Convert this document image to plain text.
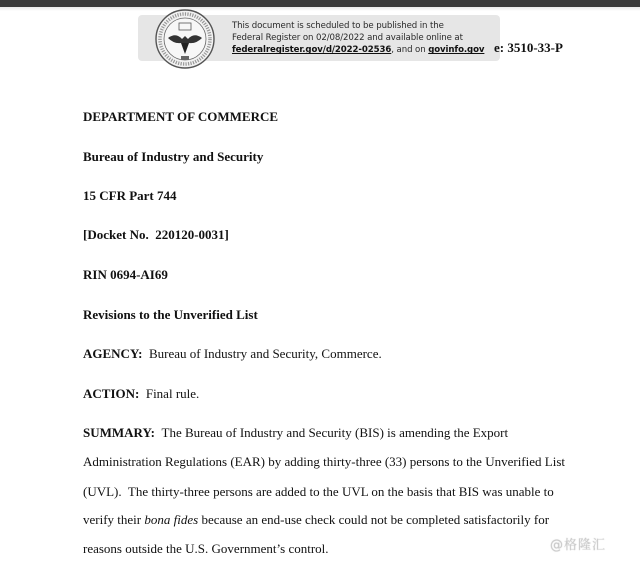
This document is scheduled to be published in the
Federal Register on 02/08/2022 and available online at
federalregister.gov/d/2022-02536, and on govinfo.gov e: 3510-33-P
DEPARTMENT OF COMMERCE
Bureau of Industry and Security
15 CFR Part 744
[Docket No.  220120-0031]
RIN 0694-AI69
Revisions to the Unverified List
AGENCY: Bureau of Industry and Security, Commerce.
ACTION: Final rule.
SUMMARY: The Bureau of Industry and Security (BIS) is amending the Export
Administration Regulations (EAR) by adding thirty-three (33) persons to the Unverified List
(UVL).  The thirty-three persons are added to the UVL on the basis that BIS was unable to
verify their bona fides because an end-use check could not be completed satisfactorily for
reasons outside the U.S. Government’s control.	@格隆汇
